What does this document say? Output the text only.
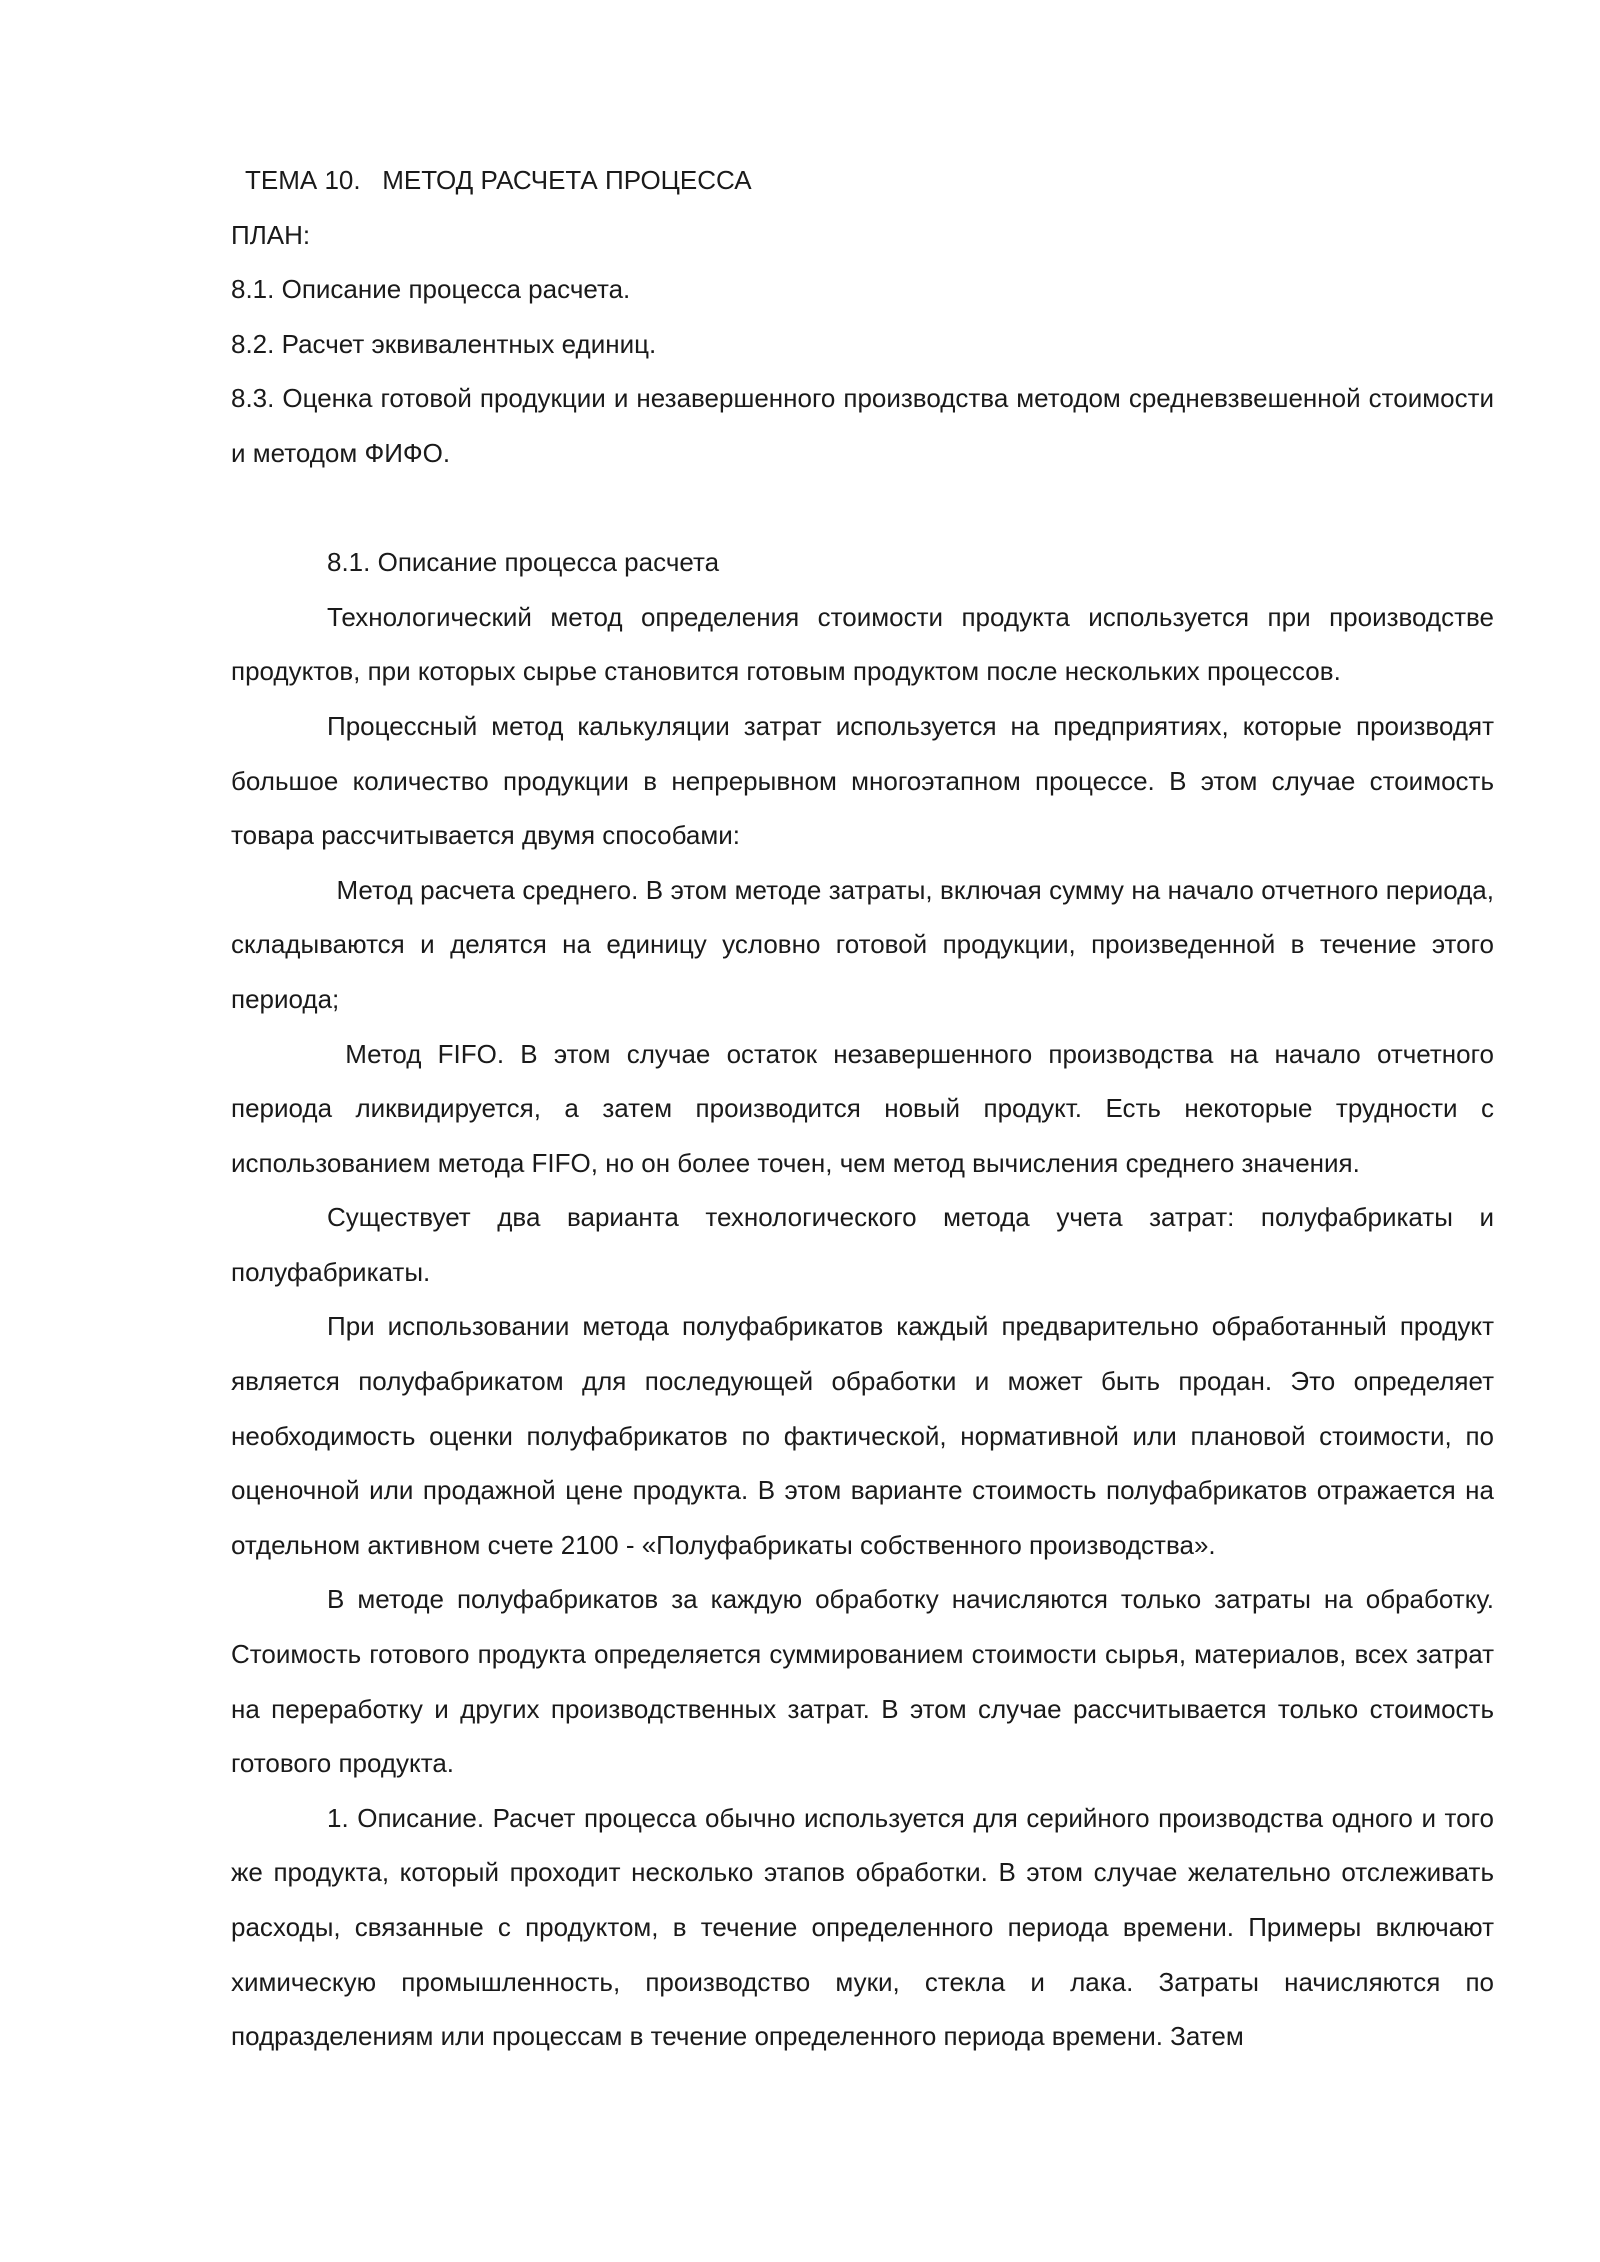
ТЕМА 10.   МЕТОД РАСЧЕТА ПРОЦЕССА

ПЛАН:

8.1. Описание процесса расчета.

8.2. Расчет эквивалентных единиц.

8.3. Оценка готовой продукции и незавершенного производства методом средневзвешенной стоимости и методом ФИФО.

8.1. Описание процесса расчета

Технологический метод определения стоимости продукта используется при производстве продуктов, при которых сырье становится готовым продуктом после нескольких процессов.

Процессный метод калькуляции затрат используется на предприятиях, которые производят большое количество продукции в непрерывном многоэтапном процессе. В этом случае стоимость товара рассчитывается двумя способами:

Метод расчета среднего. В этом методе затраты, включая сумму на начало отчетного периода, складываются и делятся на единицу условно готовой продукции, произведенной в течение этого периода;

Метод FIFO. В этом случае остаток незавершенного производства на начало отчетного периода ликвидируется, а затем производится новый продукт. Есть некоторые трудности с использованием метода FIFO, но он более точен, чем метод вычисления среднего значения.

Существует два варианта технологического метода учета затрат: полуфабрикаты и полуфабрикаты.

При использовании метода полуфабрикатов каждый предварительно обработанный продукт является полуфабрикатом для последующей обработки и может быть продан. Это определяет необходимость оценки полуфабрикатов по фактической, нормативной или плановой стоимости, по оценочной или продажной цене продукта. В этом варианте стоимость полуфабрикатов отражается на отдельном активном счете 2100 - «Полуфабрикаты собственного производства».

В методе полуфабрикатов за каждую обработку начисляются только затраты на обработку. Стоимость готового продукта определяется суммированием стоимости сырья, материалов, всех затрат на переработку и других производственных затрат. В этом случае рассчитывается только стоимость готового продукта.

1. Описание. Расчет процесса обычно используется для серийного производства одного и того же продукта, который проходит несколько этапов обработки. В этом случае желательно отслеживать расходы, связанные с продуктом, в течение определенного периода времени. Примеры включают химическую промышленность, производство муки, стекла и лака. Затраты начисляются по подразделениям или процессам в течение определенного периода времени. Затем
